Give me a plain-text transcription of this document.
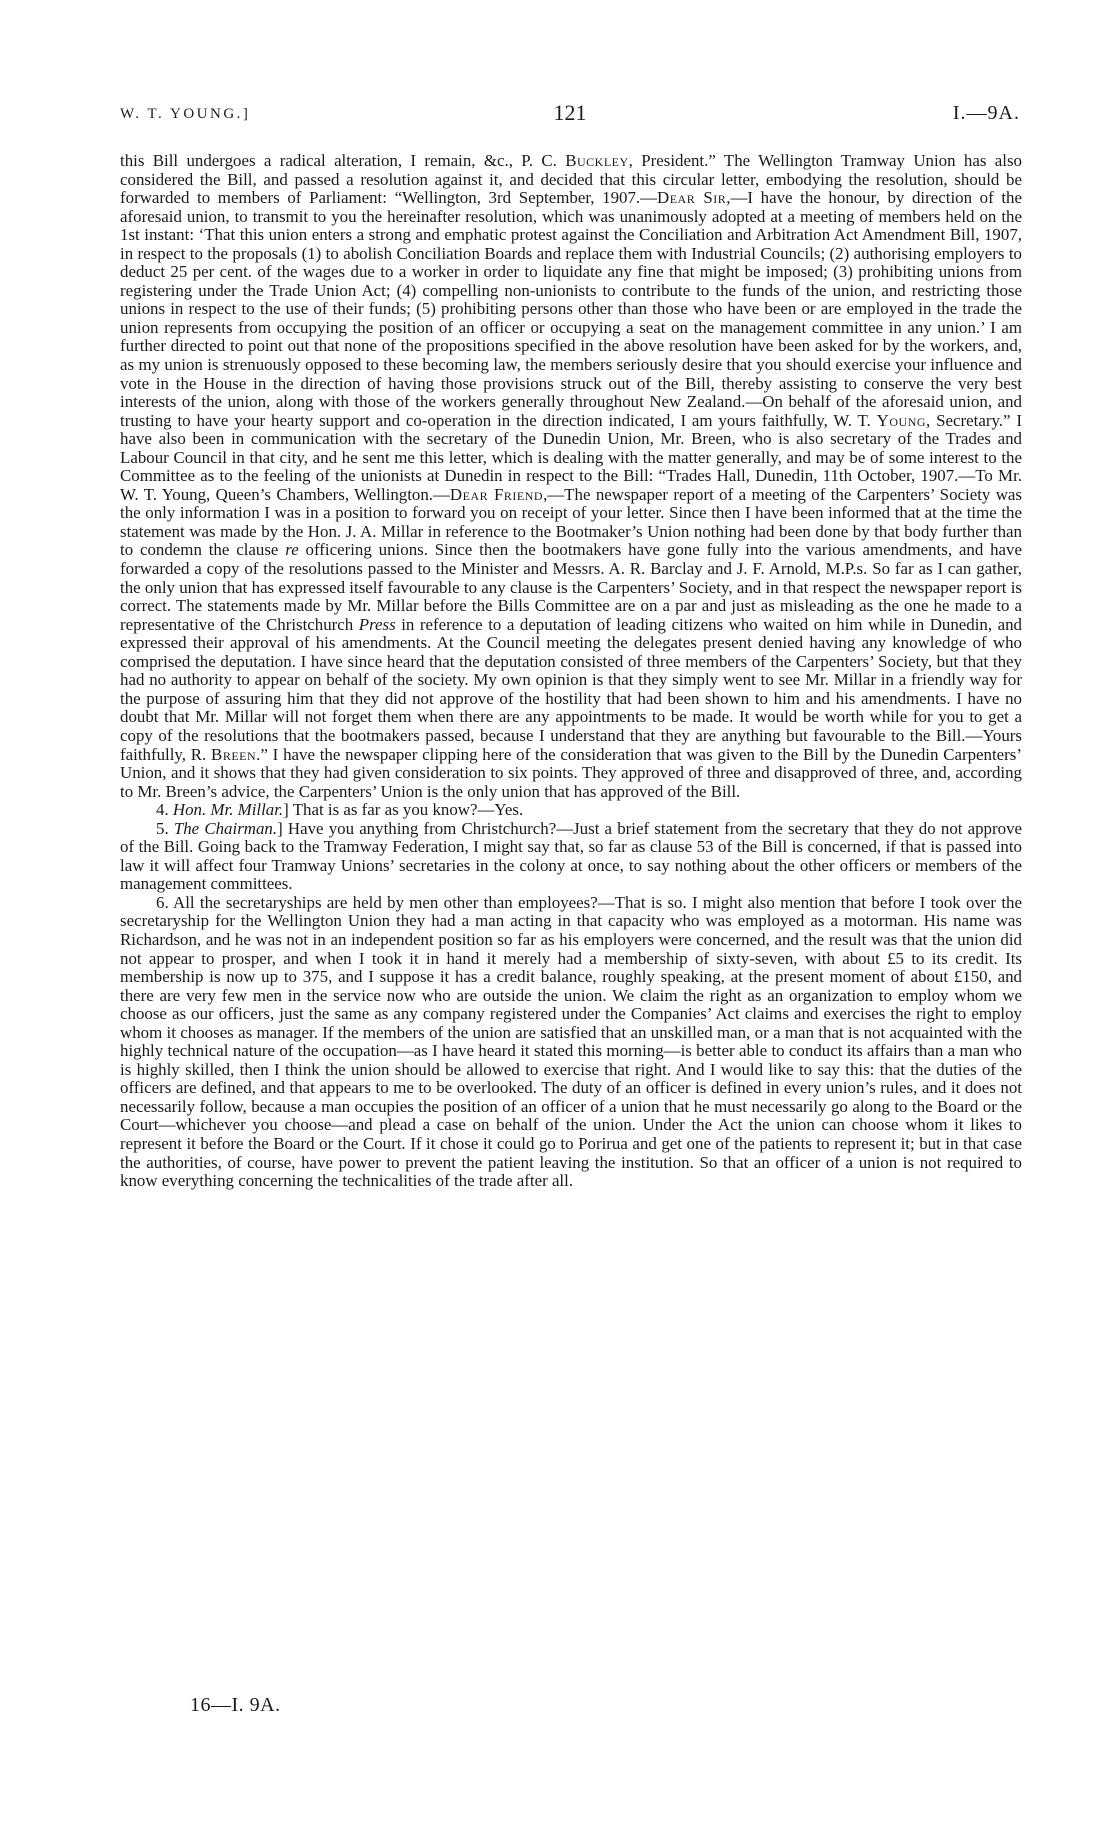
W. T. YOUNG.]	121	I.—9A.

this Bill undergoes a radical alteration, I remain, &c., P. C. Buckley, President.” The Wellington Tramway Union has also considered the Bill, and passed a resolution against it, and decided that this circular letter, embodying the resolution, should be forwarded to members of Parliament: “Wellington, 3rd September, 1907.—Dear Sir,—I have the honour, by direction of the aforesaid union, to transmit to you the hereinafter resolution, which was unanimously adopted at a meeting of members held on the 1st instant: ‘That this union enters a strong and emphatic protest against the Conciliation and Arbitration Act Amendment Bill, 1907, in respect to the proposals (1) to abolish Conciliation Boards and replace them with Industrial Councils; (2) authorising employers to deduct 25 per cent. of the wages due to a worker in order to liquidate any fine that might be imposed; (3) prohibiting unions from registering under the Trade Union Act; (4) compelling non-unionists to contribute to the funds of the union, and restricting those unions in respect to the use of their funds; (5) prohibiting persons other than those who have been or are employed in the trade the union represents from occupying the position of an officer or occupying a seat on the management committee in any union.’ I am further directed to point out that none of the propositions specified in the above resolution have been asked for by the workers, and, as my union is strenuously opposed to these becoming law, the members seriously desire that you should exercise your influence and vote in the House in the direction of having those provisions struck out of the Bill, thereby assisting to conserve the very best interests of the union, along with those of the workers generally throughout New Zealand.—On behalf of the aforesaid union, and trusting to have your hearty support and co-operation in the direction indicated, I am yours faithfully, W. T. Young, Secretary.” I have also been in communication with the secretary of the Dunedin Union, Mr. Breen, who is also secretary of the Trades and Labour Council in that city, and he sent me this letter, which is dealing with the matter generally, and may be of some interest to the Committee as to the feeling of the unionists at Dunedin in respect to the Bill: “Trades Hall, Dunedin, 11th October, 1907.—To Mr. W. T. Young, Queen’s Chambers, Wellington.—Dear Friend,—The newspaper report of a meeting of the Carpenters’ Society was the only information I was in a position to forward you on receipt of your letter. Since then I have been informed that at the time the statement was made by the Hon. J. A. Millar in reference to the Bootmaker’s Union nothing had been done by that body further than to condemn the clause re officering unions. Since then the bootmakers have gone fully into the various amendments, and have forwarded a copy of the resolutions passed to the Minister and Messrs. A. R. Barclay and J. F. Arnold, M.P.s. So far as I can gather, the only union that has expressed itself favourable to any clause is the Carpenters’ Society, and in that respect the newspaper report is correct. The statements made by Mr. Millar before the Bills Committee are on a par and just as misleading as the one he made to a representative of the Christchurch Press in reference to a deputation of leading citizens who waited on him while in Dunedin, and expressed their approval of his amendments. At the Council meeting the delegates present denied having any knowledge of who comprised the deputation. I have since heard that the deputation consisted of three members of the Carpenters’ Society, but that they had no authority to appear on behalf of the society. My own opinion is that they simply went to see Mr. Millar in a friendly way for the purpose of assuring him that they did not approve of the hostility that had been shown to him and his amendments. I have no doubt that Mr. Millar will not forget them when there are any appointments to be made. It would be worth while for you to get a copy of the resolutions that the bootmakers passed, because I understand that they are anything but favourable to the Bill.—Yours faithfully, R. Breen.” I have the newspaper clipping here of the consideration that was given to the Bill by the Dunedin Carpenters’ Union, and it shows that they had given consideration to six points. They approved of three and disapproved of three, and, according to Mr. Breen’s advice, the Carpenters’ Union is the only union that has approved of the Bill.

4. Hon. Mr. Millar.] That is as far as you know?—Yes.

5. The Chairman.] Have you anything from Christchurch?—Just a brief statement from the secretary that they do not approve of the Bill. Going back to the Tramway Federation, I might say that, so far as clause 53 of the Bill is concerned, if that is passed into law it will affect four Tramway Unions’ secretaries in the colony at once, to say nothing about the other officers or members of the management committees.

6. All the secretaryships are held by men other than employees?—That is so. I might also mention that before I took over the secretaryship for the Wellington Union they had a man acting in that capacity who was employed as a motorman. His name was Richardson, and he was not in an independent position so far as his employers were concerned, and the result was that the union did not appear to prosper, and when I took it in hand it merely had a membership of sixty-seven, with about £5 to its credit. Its membership is now up to 375, and I suppose it has a credit balance, roughly speaking, at the present moment of about £150, and there are very few men in the service now who are outside the union. We claim the right as an organization to employ whom we choose as our officers, just the same as any company registered under the Companies’ Act claims and exercises the right to employ whom it chooses as manager. If the members of the union are satisfied that an unskilled man, or a man that is not acquainted with the highly technical nature of the occupation—as I have heard it stated this morning—is better able to conduct its affairs than a man who is highly skilled, then I think the union should be allowed to exercise that right. And I would like to say this: that the duties of the officers are defined, and that appears to me to be overlooked. The duty of an officer is defined in every union’s rules, and it does not necessarily follow, because a man occupies the position of an officer of a union that he must necessarily go along to the Board or the Court—whichever you choose—and plead a case on behalf of the union. Under the Act the union can choose whom it likes to represent it before the Board or the Court. If it chose it could go to Porirua and get one of the patients to represent it; but in that case the authorities, of course, have power to prevent the patient leaving the institution. So that an officer of a union is not required to know everything concerning the technicalities of the trade after all.

16—I. 9A.
